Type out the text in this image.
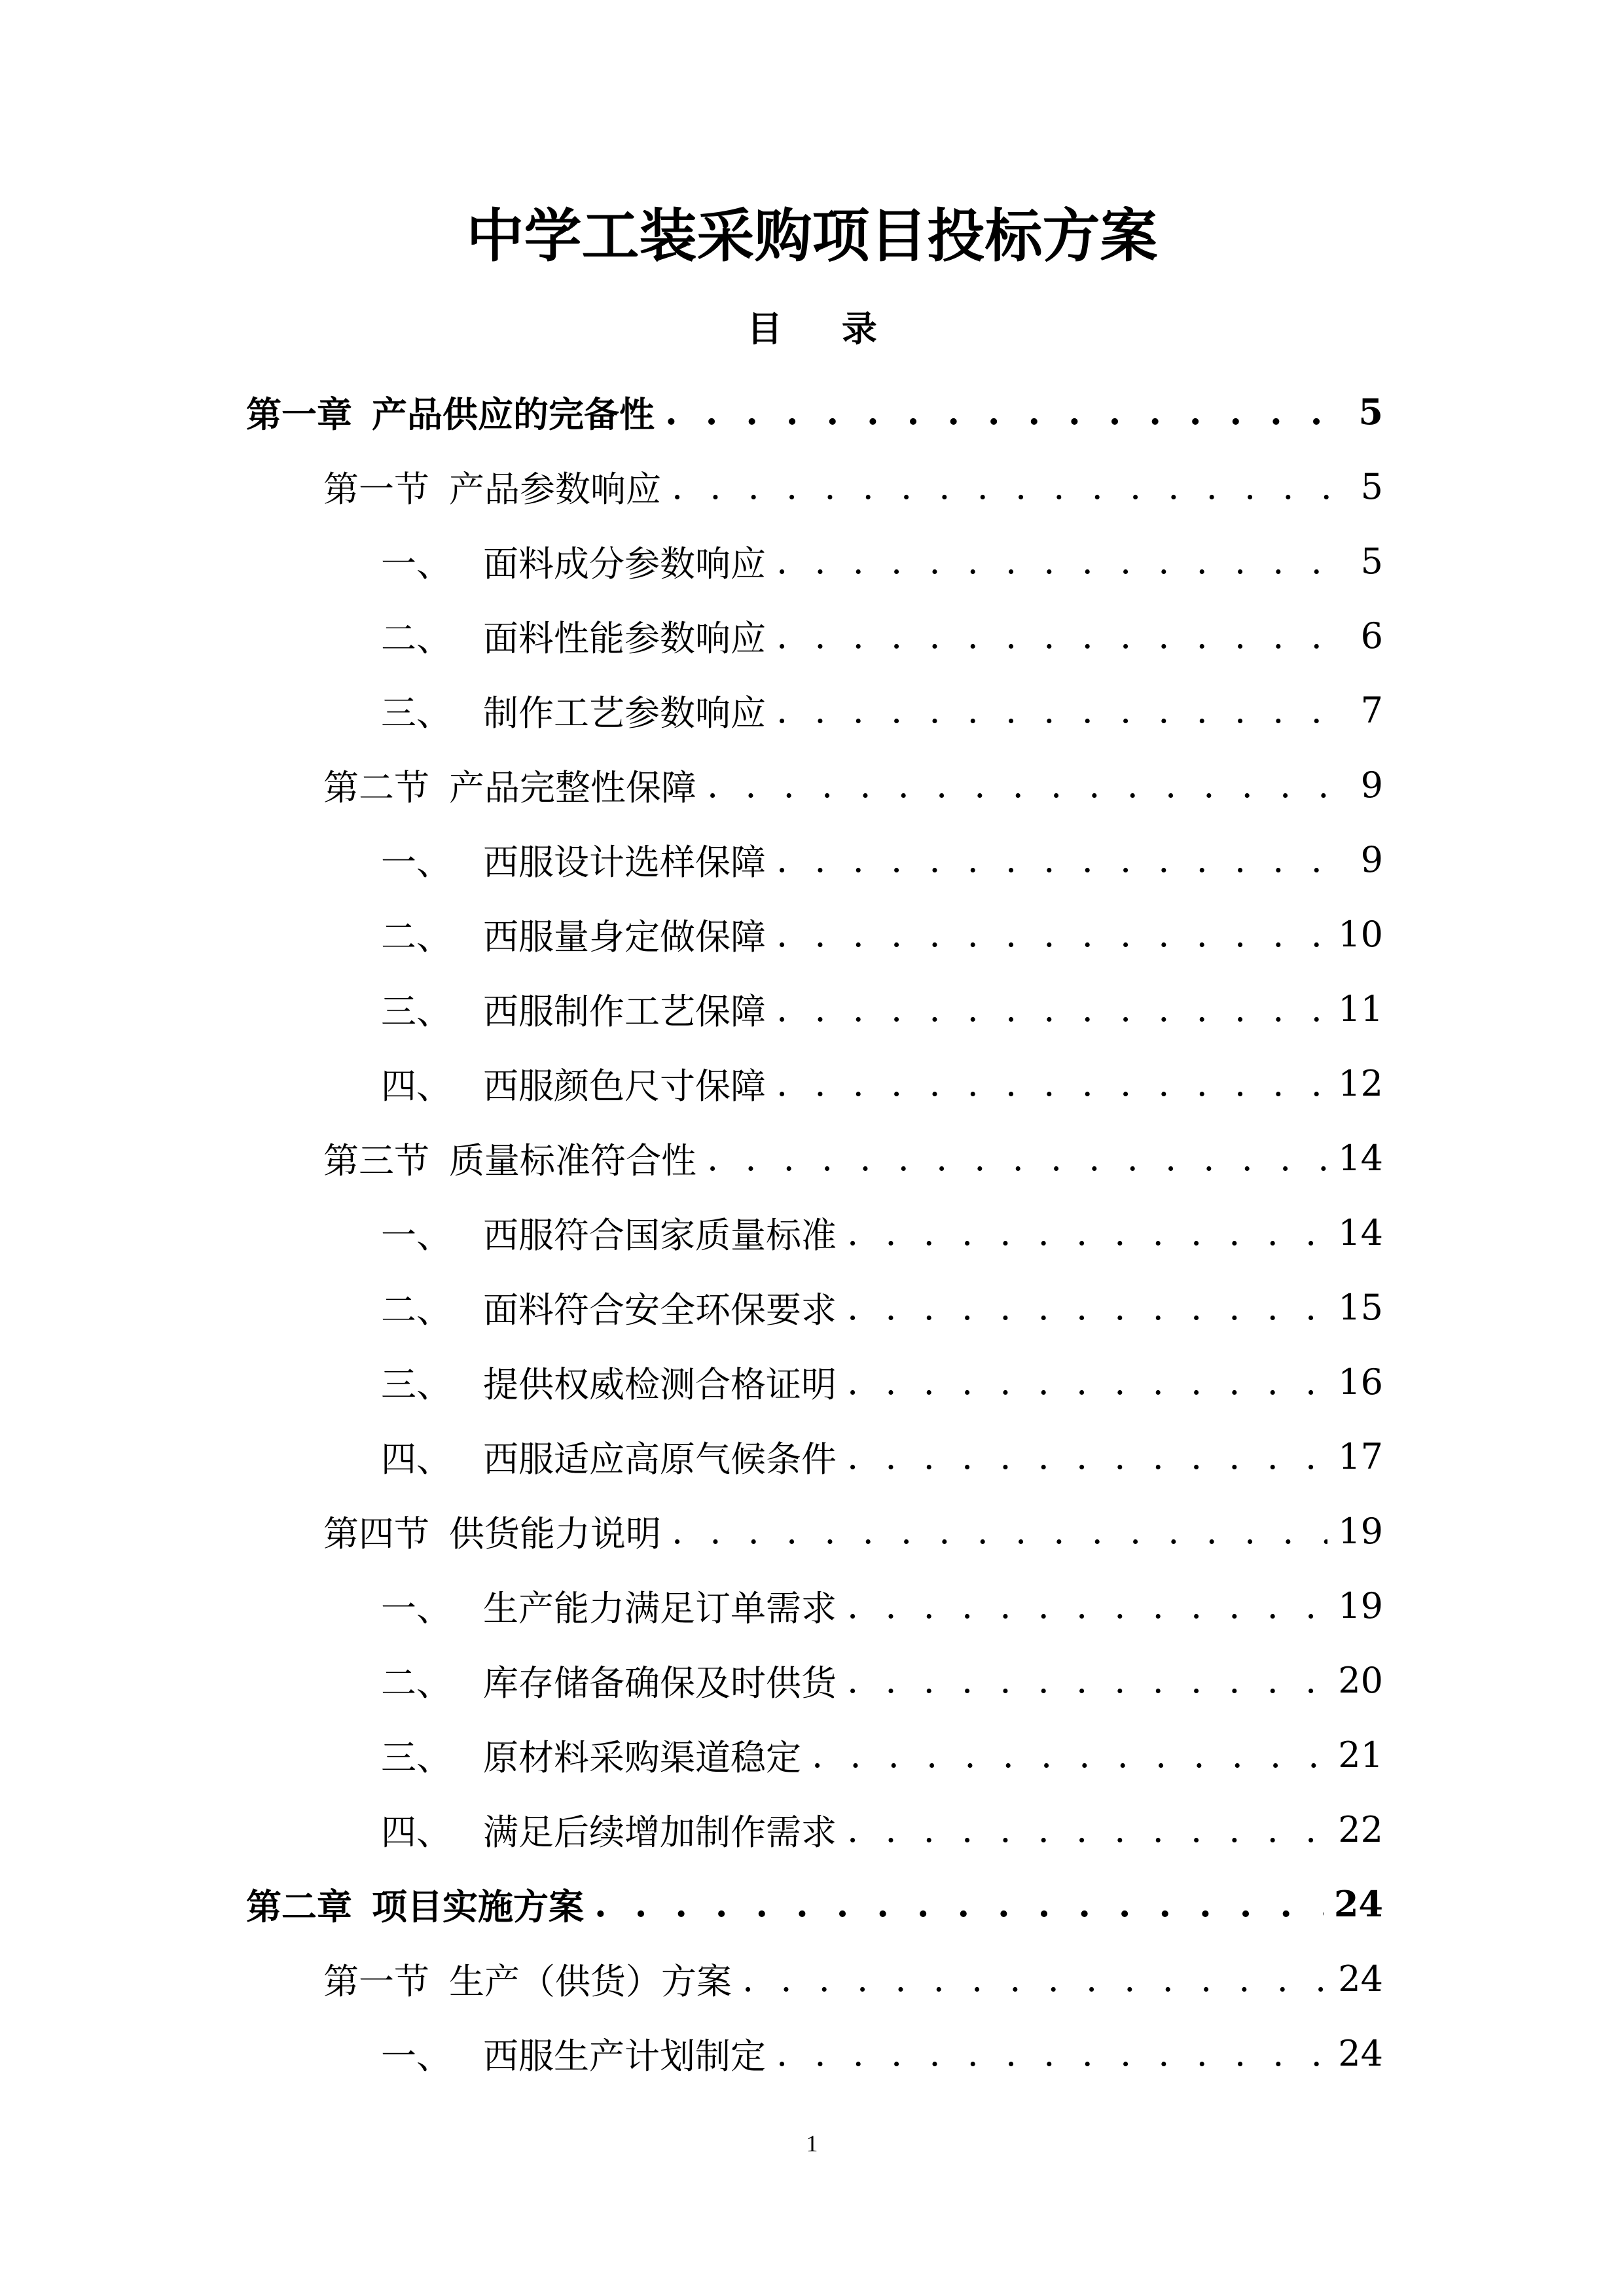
中学工装采购项目投标方案
目 录
第一章 产品供应的完备性 . . .	5
第一节 产品参数响应 . . .	5
一、 面料成分参数响应 . . .	5
二、 面料性能参数响应 . . .	6
三、 制作工艺参数响应 . . .	7
第二节 产品完整性保障 . . .	9
一、 西服设计选样保障 . . .	9
二、 西服量身定做保障 . . .	10
三、 西服制作工艺保障 . . .	11
四、 西服颜色尺寸保障 . . .	12
第三节 质量标准符合性 . . .	14
一、 西服符合国家质量标准 . . .	14
二、 面料符合安全环保要求 . . .	15
三、 提供权威检测合格证明 . . .	16
四、 西服适应高原气候条件 . . .	17
第四节 供货能力说明 . . .	19
一、 生产能力满足订单需求 . . .	19
二、 库存储备确保及时供货 . . .	20
三、 原材料采购渠道稳定 . . .	21
四、 满足后续增加制作需求 . . .	22
第二章 项目实施方案 . . .	24
第一节 生产（供货）方案 . . .	24
一、 西服生产计划制定 . . .	24
1
